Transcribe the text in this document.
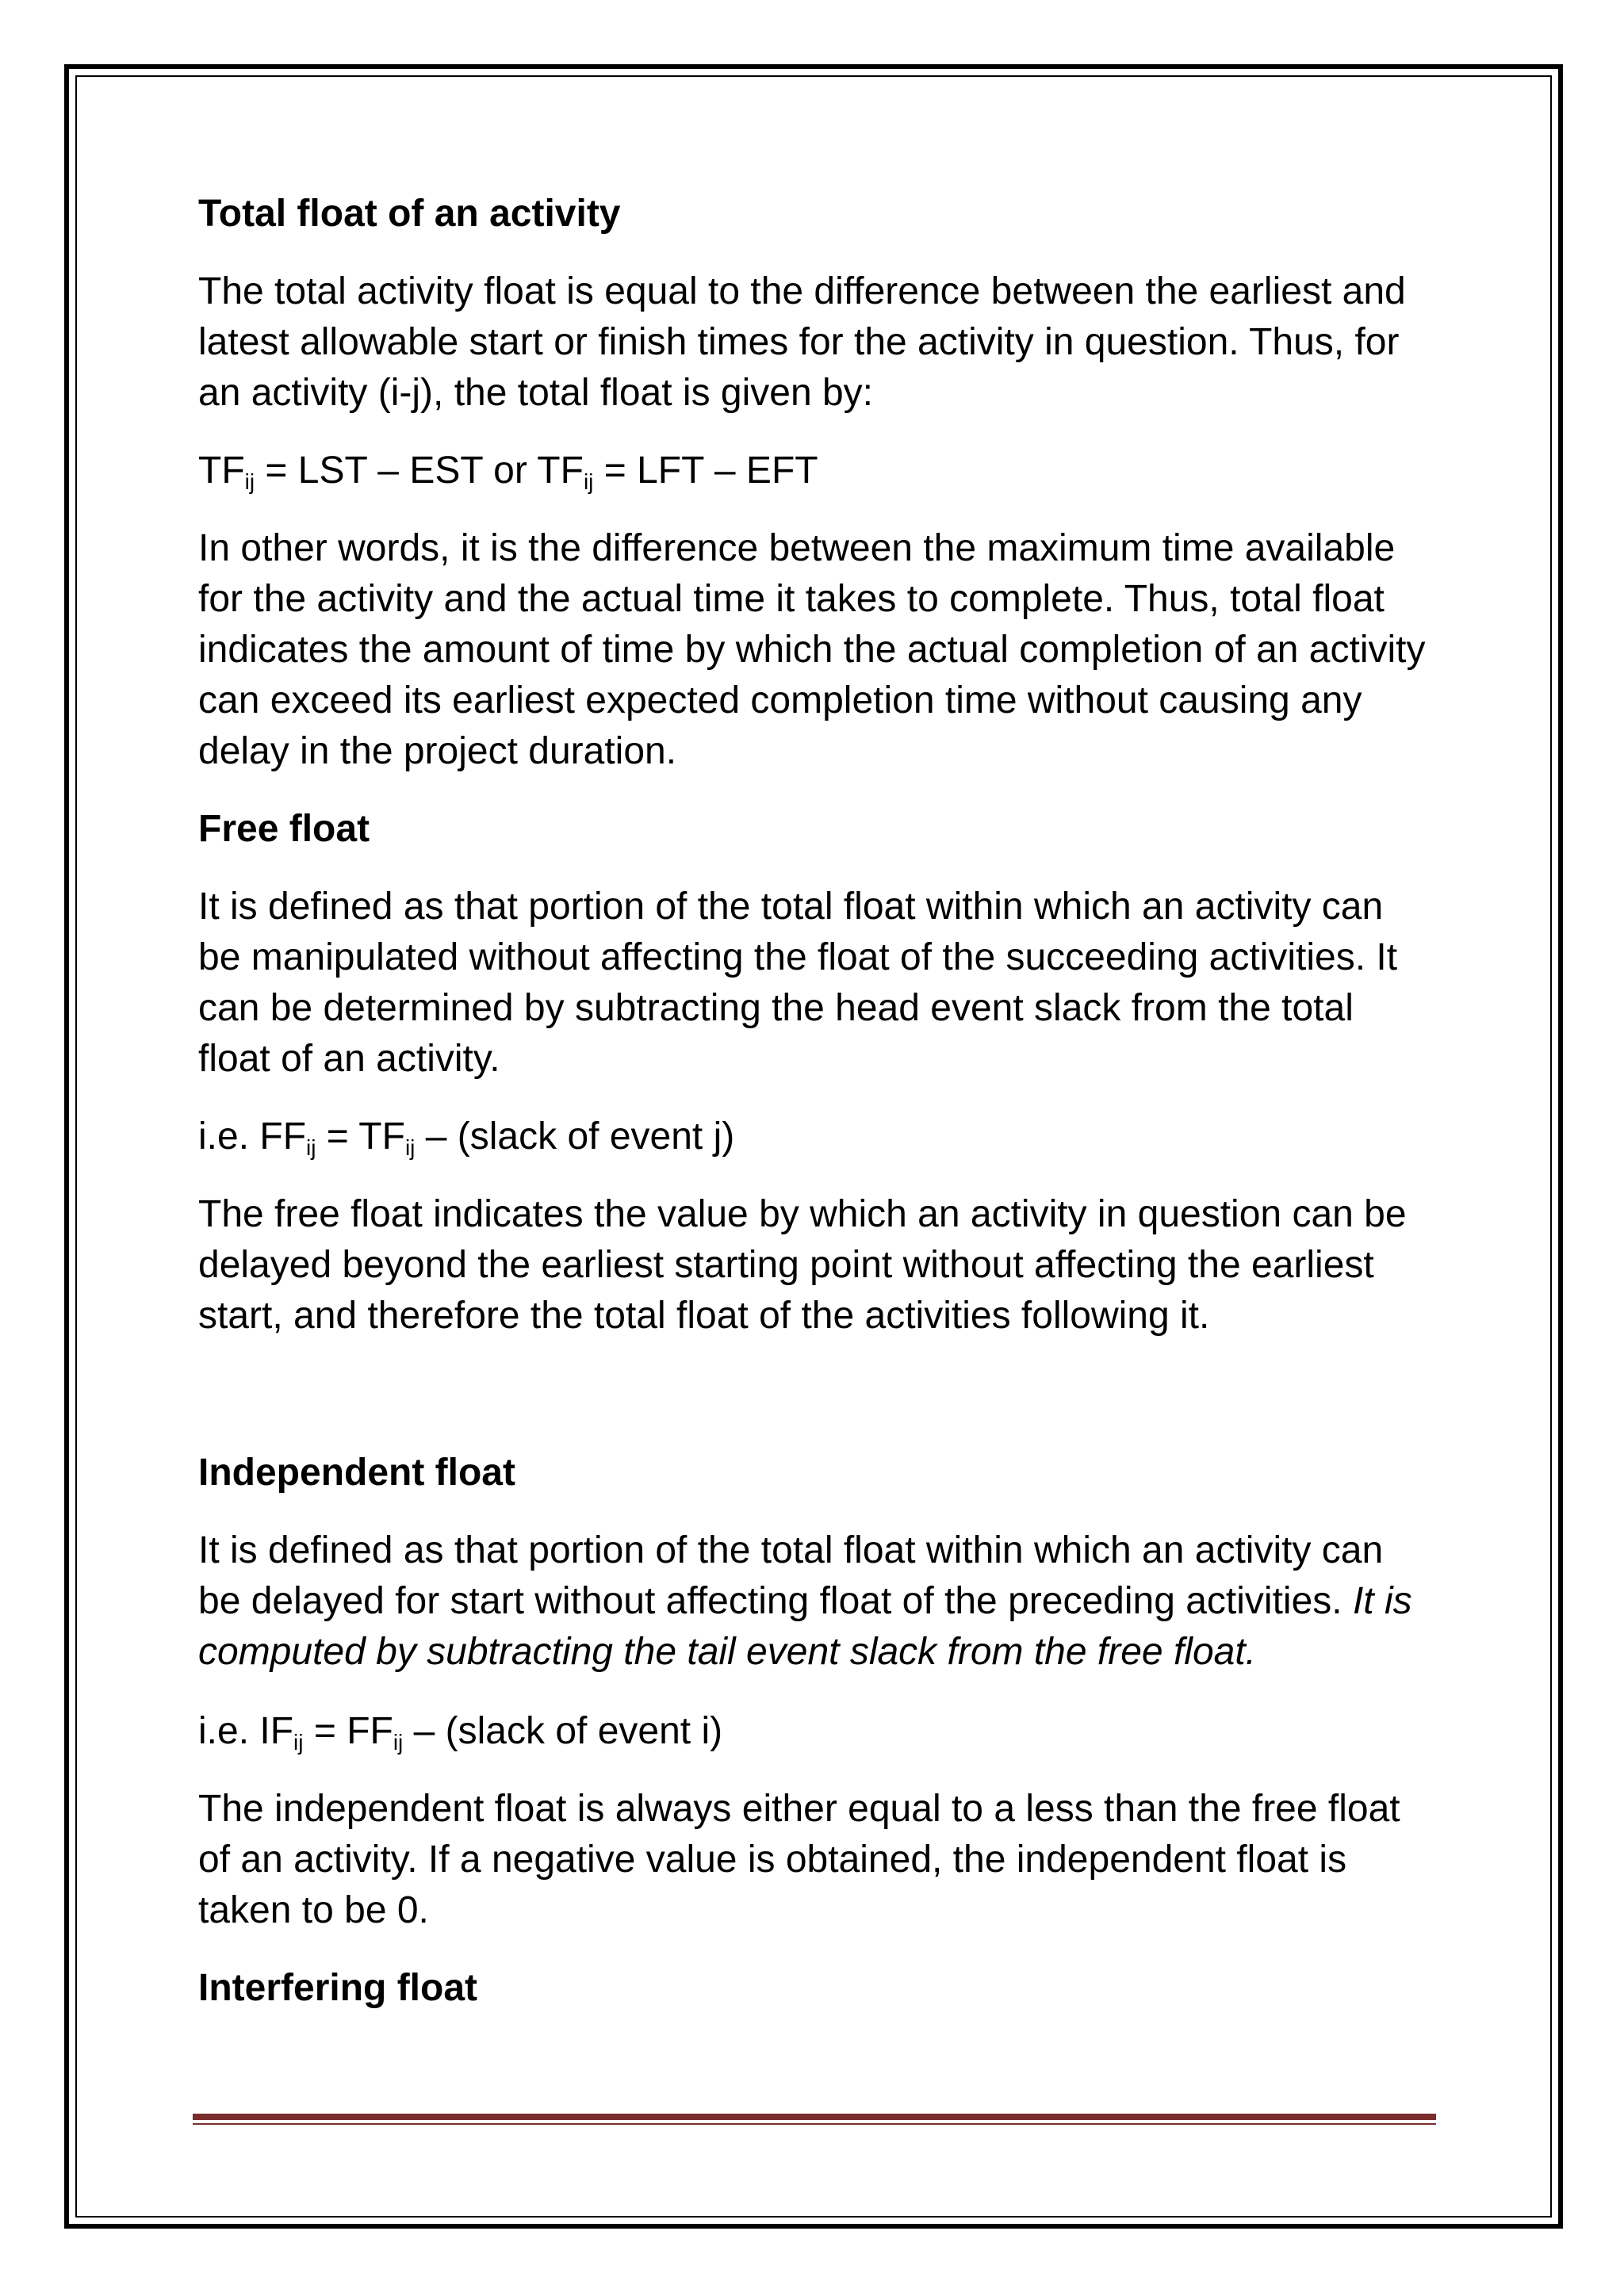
Total float of an activity

The total activity float is equal to the difference between the earliest and latest allowable start or finish times for the activity in question. Thus, for an activity (i-j), the total float is given by:

$TF_{ij}$ = LST – EST or $TF_{ij}$ = LFT – EFT

In other words, it is the difference between the maximum time available for the activity and the actual time it takes to complete. Thus, total float indicates the amount of time by which the actual completion of an activity can exceed its earliest expected completion time without causing any delay in the project duration.

Free float

It is defined as that portion of the total float within which an activity can be manipulated without affecting the float of the succeeding activities. It can be determined by subtracting the head event slack from the total float of an activity.

i.e. $FF_{ij} = TF_{ij}$ – (slack of event j)

The free float indicates the value by which an activity in question can be delayed beyond the earliest starting point without affecting the earliest start, and therefore the total float of the activities following it.

Independent float

It is defined as that portion of the total float within which an activity can be delayed for start without affecting float of the preceding activities. It is computed by subtracting the tail event slack from the free float.

i.e. $IF_{ij} = FF_{ij}$ – (slack of event i)

The independent float is always either equal to a less than the free float of an activity. If a negative value is obtained, the independent float is taken to be 0.

Interfering float
